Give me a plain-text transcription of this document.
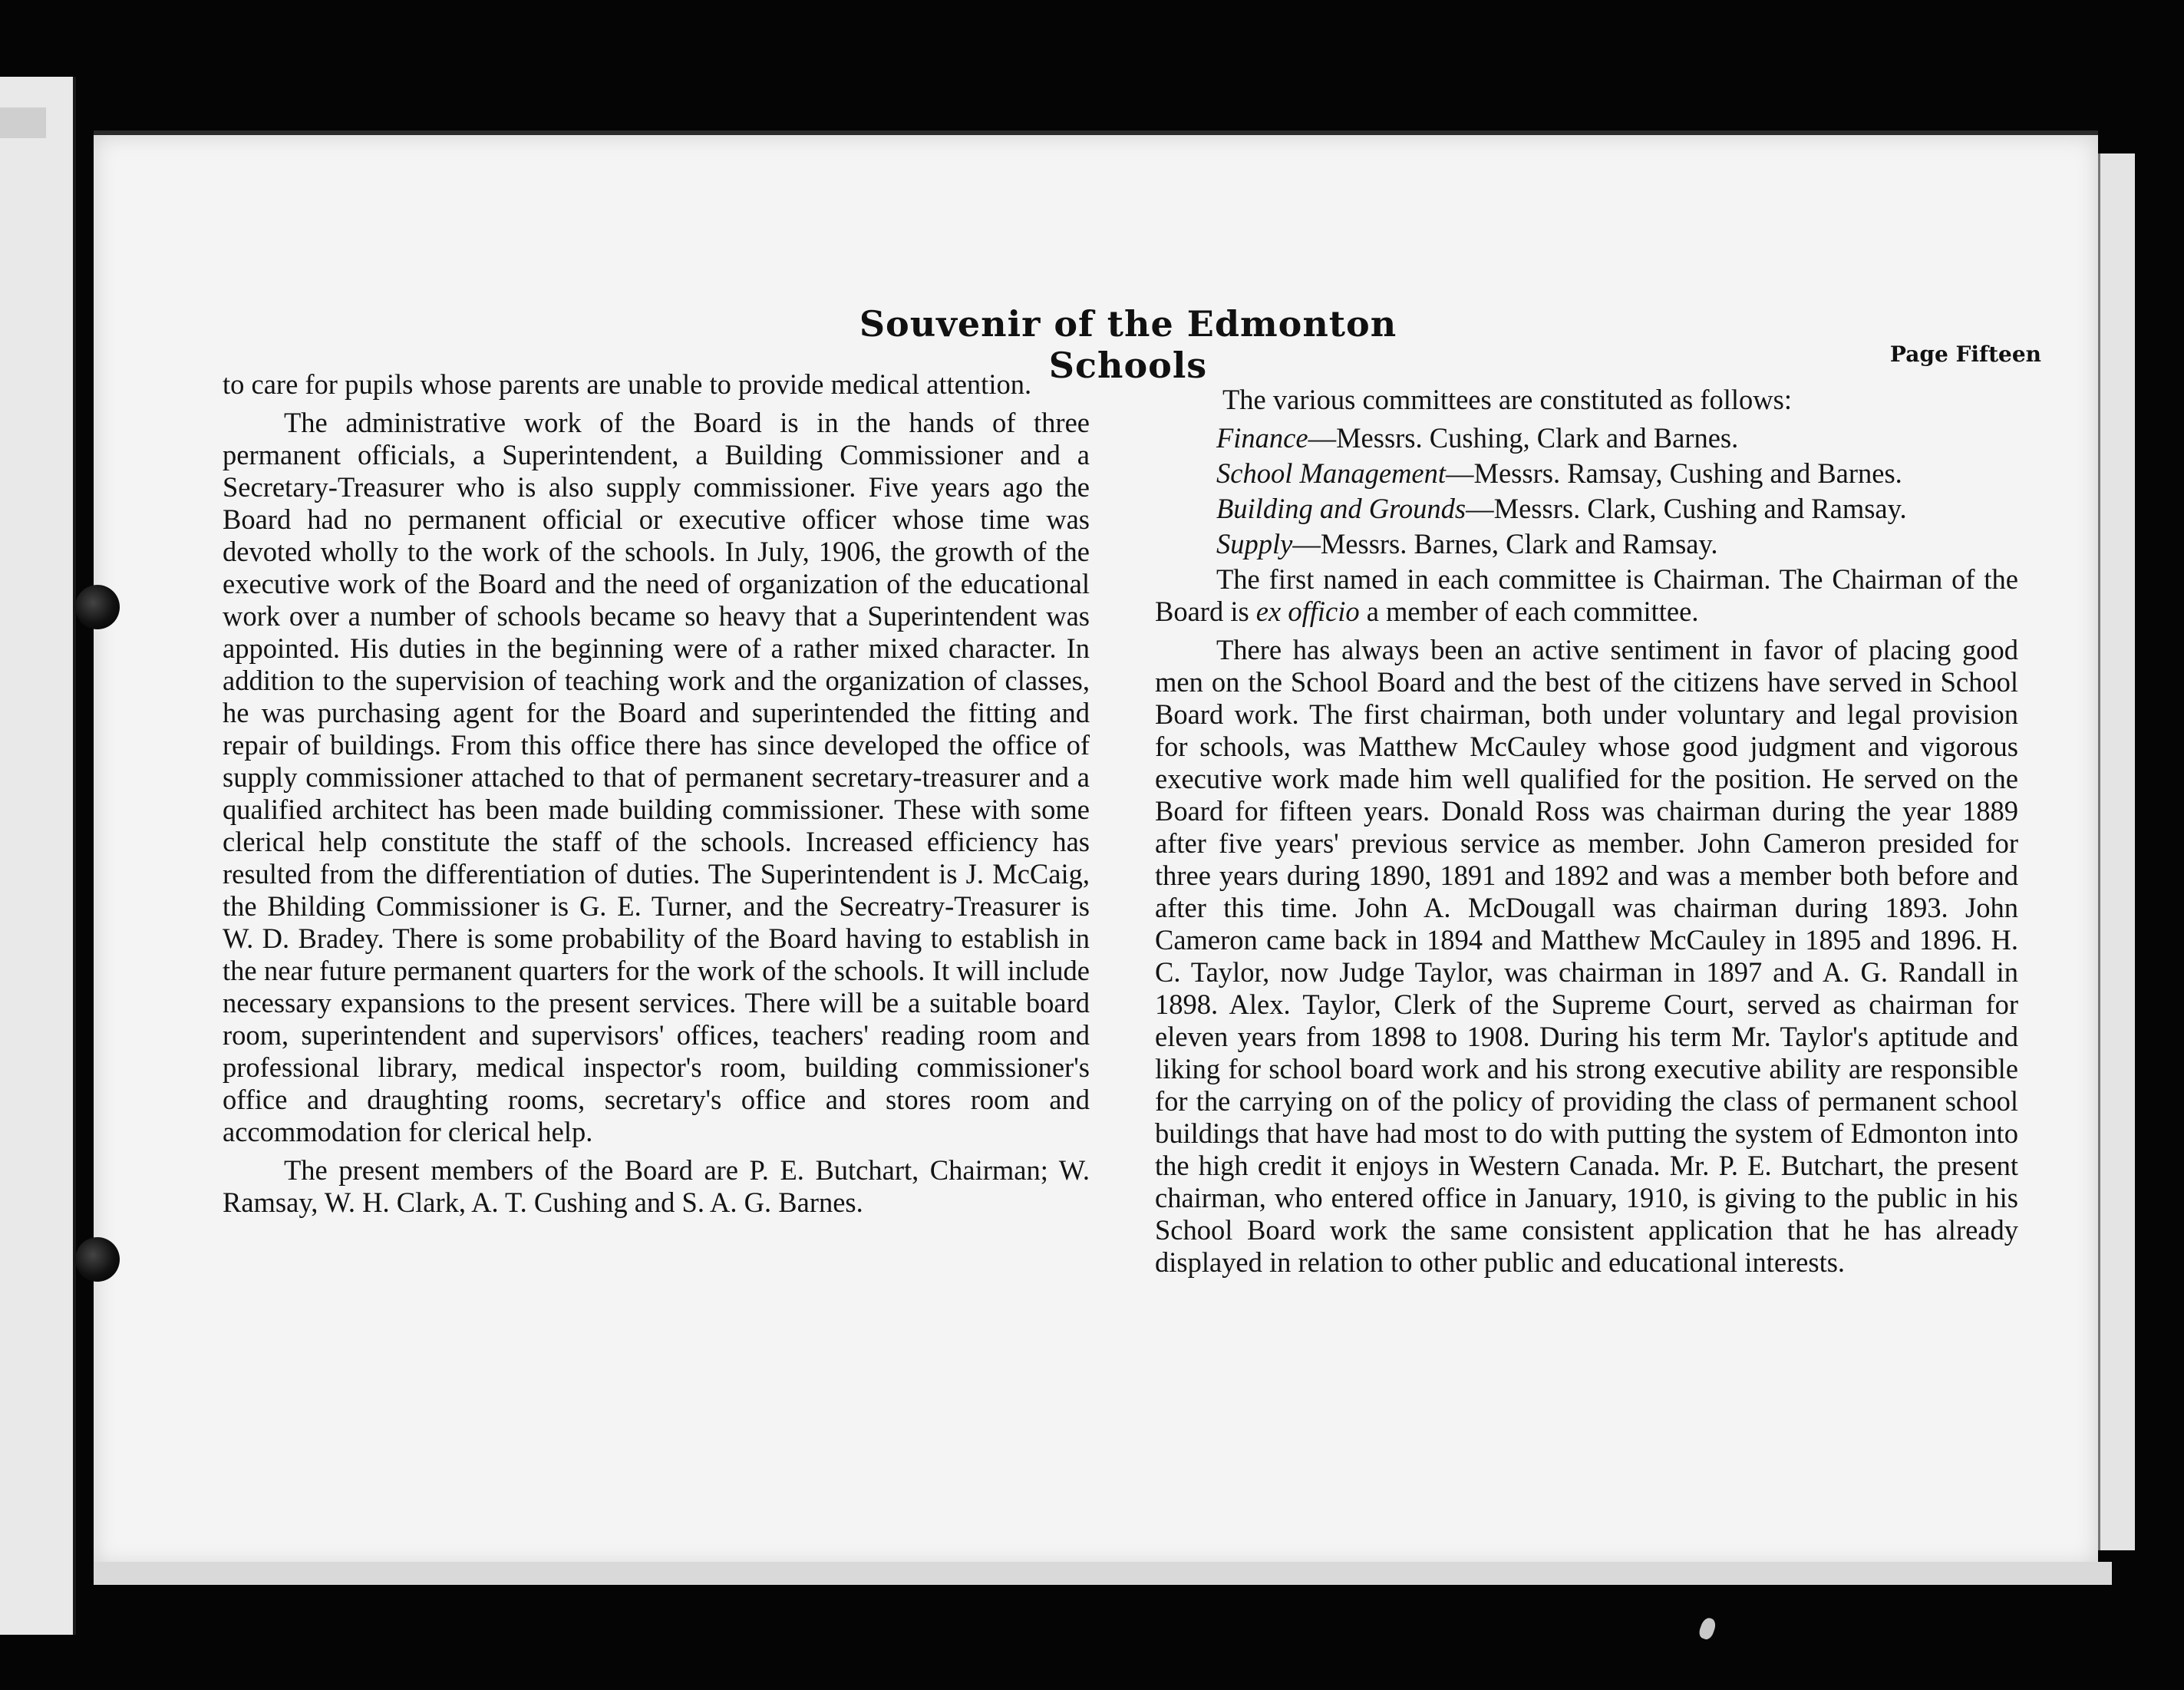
Souvenir of the Edmonton Schools	Page Fifteen

to care for pupils whose parents are unable to provide medical attention.

The administrative work of the Board is in the hands of three permanent officials, a Superintendent, a Building Commissioner and a Secretary-Treasurer who is also supply commissioner. Five years ago the Board had no permanent official or executive officer whose time was devoted wholly to the work of the schools. In July, 1906, the growth of the executive work of the Board and the need of organization of the educational work over a number of schools became so heavy that a Superintendent was appointed. His duties in the beginning were of a rather mixed character. In addition to the supervision of teaching work and the organization of classes, he was purchasing agent for the Board and superintended the fitting and repair of buildings. From this office there has since developed the office of supply commissioner attached to that of permanent secretary-treasurer and a qualified architect has been made building commissioner. These with some clerical help constitute the staff of the schools. Increased efficiency has resulted from the differentiation of duties. The Superintendent is J. McCaig, the Bhilding Commissioner is G. E. Turner, and the Secreatry-Treasurer is W. D. Bradey. There is some probability of the Board having to establish in the near future permanent quarters for the work of the schools. It will include necessary expansions to the present services. There will be a suitable board room, superintendent and supervisors' offices, teachers' reading room and professional library, medical inspector's room, building commissioner's office and draughting rooms, secretary's office and stores room and accommodation for clerical help.

The present members of the Board are P. E. Butchart, Chairman; W. Ramsay, W. H. Clark, A. T. Cushing and S. A. G. Barnes.

The various committees are constituted as follows:

Finance—Messrs. Cushing, Clark and Barnes.

School Management—Messrs. Ramsay, Cushing and Barnes.

Building and Grounds—Messrs. Clark, Cushing and Ramsay.

Supply—Messrs. Barnes, Clark and Ramsay.

The first named in each committee is Chairman. The Chairman of the Board is ex officio a member of each committee.

There has always been an active sentiment in favor of placing good men on the School Board and the best of the citizens have served in School Board work. The first chairman, both under voluntary and legal provision for schools, was Matthew McCauley whose good judgment and vigorous executive work made him well qualified for the position. He served on the Board for fifteen years. Donald Ross was chairman during the year 1889 after five years' previous service as member. John Cameron presided for three years during 1890, 1891 and 1892 and was a member both before and after this time. John A. McDougall was chairman during 1893. John Cameron came back in 1894 and Matthew McCauley in 1895 and 1896. H. C. Taylor, now Judge Taylor, was chairman in 1897 and A. G. Randall in 1898. Alex. Taylor, Clerk of the Supreme Court, served as chairman for eleven years from 1898 to 1908. During his term Mr. Taylor's aptitude and liking for school board work and his strong executive ability are responsible for the carrying on of the policy of providing the class of permanent school buildings that have had most to do with putting the system of Edmonton into the high credit it enjoys in Western Canada. Mr. P. E. Butchart, the present chairman, who entered office in January, 1910, is giving to the public in his School Board work the same consistent application that he has already displayed in relation to other public and educational interests.
